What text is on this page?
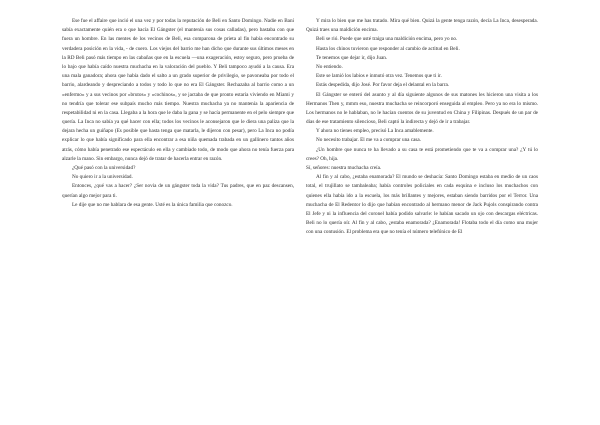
Ese fue el affaire que inció el una vez y por todas la reputación de Beli en Santo Domingo. Nadie en Baní sabía exactamente quién era o que hacía El Gángster (el mantenía sus cosas calladas), pero bastaba con que fuera un hombre. En las mentes de los vecinos de Beli, esa comparona de prieta al fin había encontrado su verdadera posición en la vida, - de cuero. Los viejos del barrio me han dicho que durante sus últimos meses en la RD Beli pasó más tiempo en las cabañas que en la escuela —una exageración, estoy seguro, pero prueba de lo bajo que había caído nuestra muchacha en la valoración del pueblo. Y Beli tampoco ayudó a la causa. Era una mala ganadora; ahora que había dado el salto a un grado superior de privilegio, se pavoneaba por todo el barrio, alardeando y despreciando a todos y todo lo que no era El Gángster. Rechazaba al barrio como a un «enfermo» y a sus vecinos por «brutos» y «cochinos», y se jactaba de que pronto estaría viviendo en Miami y no tendría que tolerar ese subpaís mucho más tiempo. Nuestra muchacha ya no mantenía la apariencia de respetabilidad ni en la casa. Llegaba a la hora que le daba la gana y se hacía permanente en el pelo siempre que quería. La Inca no sabía ya qué hacer con ella; todos los vecinos le aconsejaron que le diera una paliza que la dejara hecha un guiñapo (Es posible que hasta tenga que matarla, le dijeron con pesar), pero La Inca no podía explicar lo que había significado para ella encontrar a esa niña quemada trabada en un gallinero tantos años atrás, cómo había penetrado ese espectáculo en ella y cambiado todo, de modo que ahora no tenía fuerza para alzarle la mano. Sin embargo, nunca dejó de tratar de hacerla entrar en razón.

¿Qué pasó con la universidad?

No quiero ir a la universidad.

Entonces, ¿qué vas a hacer? ¿Ser novia de un gángster toda la vida? Tus padres, que en paz descansen, querían algo mejor para ti.

Le dije que no me hablara de esa gente. Usté es la única familia que conozco.

Y mira lo bien que me has tratado. Mira qué bien. Quizá la gente tenga razón, decía La Inca, desesperada. Quizá traes una maldición encima.

Beli se rió. Puede que usté traiga una maldición encima, pero yo no.

Hasta los chinos tuvieron que responder al cambio de actitud en Beli.

Te tenemos que dejar ir, dijo Juan.

No entiendo.

Este se lamió los labios e inmutó otra vez. Tenemos que ti ir.

Estás despedida, dijo José. Por favor deja el delantal en la barra.

El Gángster se enteró del asunto y al día siguiente algunos de sus matones les hicieron una visita a los Hermanos Then y, mmm eso, nuestra muchacha se reincorporó enseguida al empleo. Pero ya no era lo mismo. Los hermanos no le hablaban, no le hacían cuentos de su juventud en China y Filipinas. Después de un par de días de ese tratamiento silencioso, Beli captó la indirecta y dejó de ir a trabajar.

Y ahora no tienes empleo, precisó La Inca amablemente.

No necesito trabajar. El me va a comprar una casa.

¿Un hombre que nunca te ha llevado a su casa te está prometiendo que te va a comprar una? ¿Y tú lo crees? Oh, hija.

Sí, señores: nuestra muchacha creía.

Al fin y al cabo, ¿estaba enamorada? El mundo se deshacía: Santo Domingo estaba en medio de un caos total, el trujillato se tambaleaba; había controles policiales en cada esquina e incluso los muchachos con quienes ella había ido a la escuela, los más brillantes y mejores, estaban siendo barridos por el Terror. Una muchacha de El Redentor lo dijo que habían encontrado al hermano menor de Jack Pujols conspirando contra El Jefe y ni la influencia del coronel había podido salvarle: le habían sacado un ojo con descargas eléctricas. Beli no lo quería oír. Al fin y al cabo, ¿estaba enamorada? ¿Enamorada! Flotaba todo el día como una mujer con una contusión. El problema era que no tenía el número telefónico de El
